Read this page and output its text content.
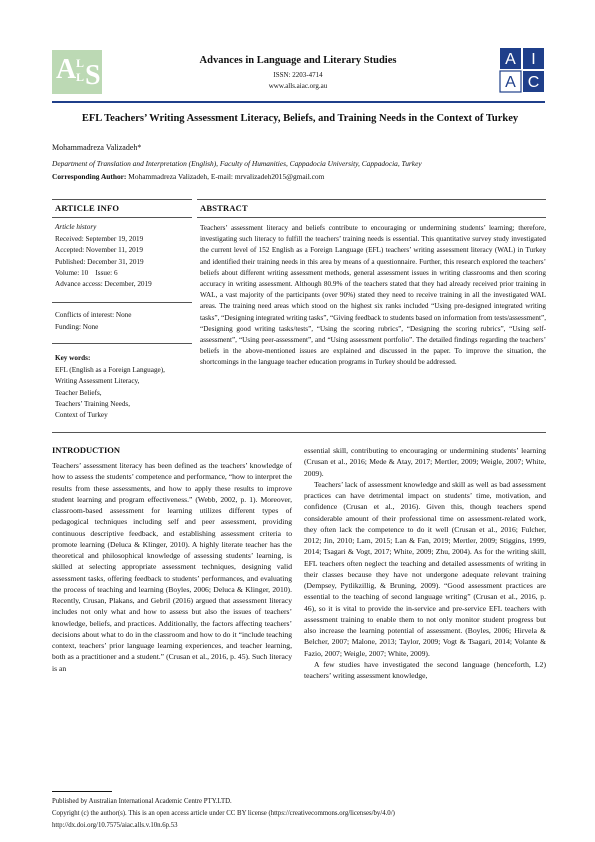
A L
L S	Advances in Language and Literary Studies
ISSN: 2203-4714
www.alls.aiac.org.au
A I
A C
EFL Teachers’ Writing Assessment Literacy, Beliefs, and Training Needs in the Context of Turkey
Mohammadreza Valizadeh*
Department of Translation and Interpretation (English), Faculty of Humanities, Cappadocia University, Cappadocia, Turkey
Corresponding Author: Mohammadreza Valizadeh, E-mail: mrvalizadeh2015@gmail.com
ARTICLE INFO
Article history
Received: September 19, 2019
Accepted: November 11, 2019
Published: December 31, 2019
Volume: 10    Issue: 6
Advance access: December, 2019
Conflicts of interest: None
Funding: None
Key words:
EFL (English as a Foreign Language),
Writing Assessment Literacy,
Teacher Beliefs,
Teachers’ Training Needs,
Context of Turkey
ABSTRACT
Teachers’ assessment literacy and beliefs contribute to encouraging or undermining students’ learning; therefore, investigating such literacy to fulfill the teachers’ training needs is essential. This quantitative survey study investigated the current level of 152 English as a Foreign Language (EFL) teachers’ writing assessment literacy (WAL) in Turkey and identified their training needs in this area by means of a questionnaire. Further, this research explored the teachers’ beliefs about different writing assessment methods, general assessment issues in writing classrooms and then scoring accuracy in writing assessment. Although 80.9% of the teachers stated that they had already received prior training in WAL, a vast majority of the participants (over 90%) stated they need to receive training in all the investigated WAL areas. The training need areas which stood on the highest six ranks included “Using pre-designed integrated writing tasks”, “Designing integrated writing tasks”, “Giving feedback to students based on information from tests/assessment”, “Designing good writing tasks/tests”, “Using the scoring rubrics”, “Designing the scoring rubrics”, “Using self-assessment”, “Using peer-assessment”, and “Using assessment portfolio”. The detailed findings regarding the teachers’ beliefs in the above-mentioned issues are explained and discussed in the paper. To improve the situation, the shortcomings in the language teacher education programs in Turkey should be addressed.
INTRODUCTION

Teachers’ assessment literacy has been defined as the teachers’ knowledge of how to assess the students’ competence and performance, “how to interpret the results from these assessments, and how to apply these results to improve student learning and program effectiveness.” (Webb, 2002, p. 1). Moreover, classroom-based assessment for learning utilizes different types of pedagogical techniques including self and peer assessment, providing continuous descriptive feedback, and establishing assessment criteria to promote learning (Deluca & Klinger, 2010). A highly literate teacher has the theoretical and philosophical knowledge of assessing students’ learning, is skilled at selecting appropriate assessment techniques, designing valid assessment tasks, offering feedback to students’ performances, and evaluating the process of teaching and learning (Boyles, 2006; Deluca & Klinger, 2010). Recently, Crusan, Plakans, and Gebril (2016) argued that assessment literacy includes not only what and how to assess but also the issues of teachers’ knowledge, beliefs, and practices. Additionally, the factors affecting teachers’ decisions about what to do in the classroom and how to do it “include teaching context, teachers’ prior language learning experiences, and teacher learning, both as a practitioner and a student.” (Crusan et al., 2016, p. 45). Such literacy is an

essential skill, contributing to encouraging or undermining students’ learning (Crusan et al., 2016; Mede & Atay, 2017; Mertler, 2009; Weigle, 2007; White, 2009).

Teachers’ lack of assessment knowledge and skill as well as bad assessment practices can have detrimental impact on students’ time, motivation, and confidence (Crusan et al., 2016). Given this, though teachers spend considerable amount of their professional time on assessment-related work, they often lack the competence to do it well (Crusan et al., 2016; Fulcher, 2012; Jin, 2010; Lam, 2015; Lan & Fan, 2019; Mertler, 2009; Stiggins, 1999, 2014; Tsagari & Vogt, 2017; White, 2009; Zhu, 2004). As for the writing skill, EFL teachers often neglect the teaching and detailed assessments of writing in their classes because they have not undergone adequate relevant training (Dempsey, Pytlikzillig, & Bruning, 2009). “Good assessment practices are essential to the teaching of second language writing” (Crusan et al., 2016, p. 46), so it is vital to provide the in-service and pre-service EFL teachers with assessment training to enable them to not only monitor student progress but also increase the learning potential of assessment. (Boyles, 2006; Hirvela & Belcher, 2007; Malone, 2013; Taylor, 2009; Vogt & Tsagari, 2014; Volante & Fazio, 2007; Weigle, 2007; White, 2009).

A few studies have investigated the second language (henceforth, L2) teachers’ writing assessment knowledge,

Published by Australian International Academic Centre PTY.LTD.
Copyright (c) the author(s). This is an open access article under CC BY license (https://creativecommons.org/licenses/by/4.0/)
http://dx.doi.org/10.7575/aiac.alls.v.10n.6p.53
